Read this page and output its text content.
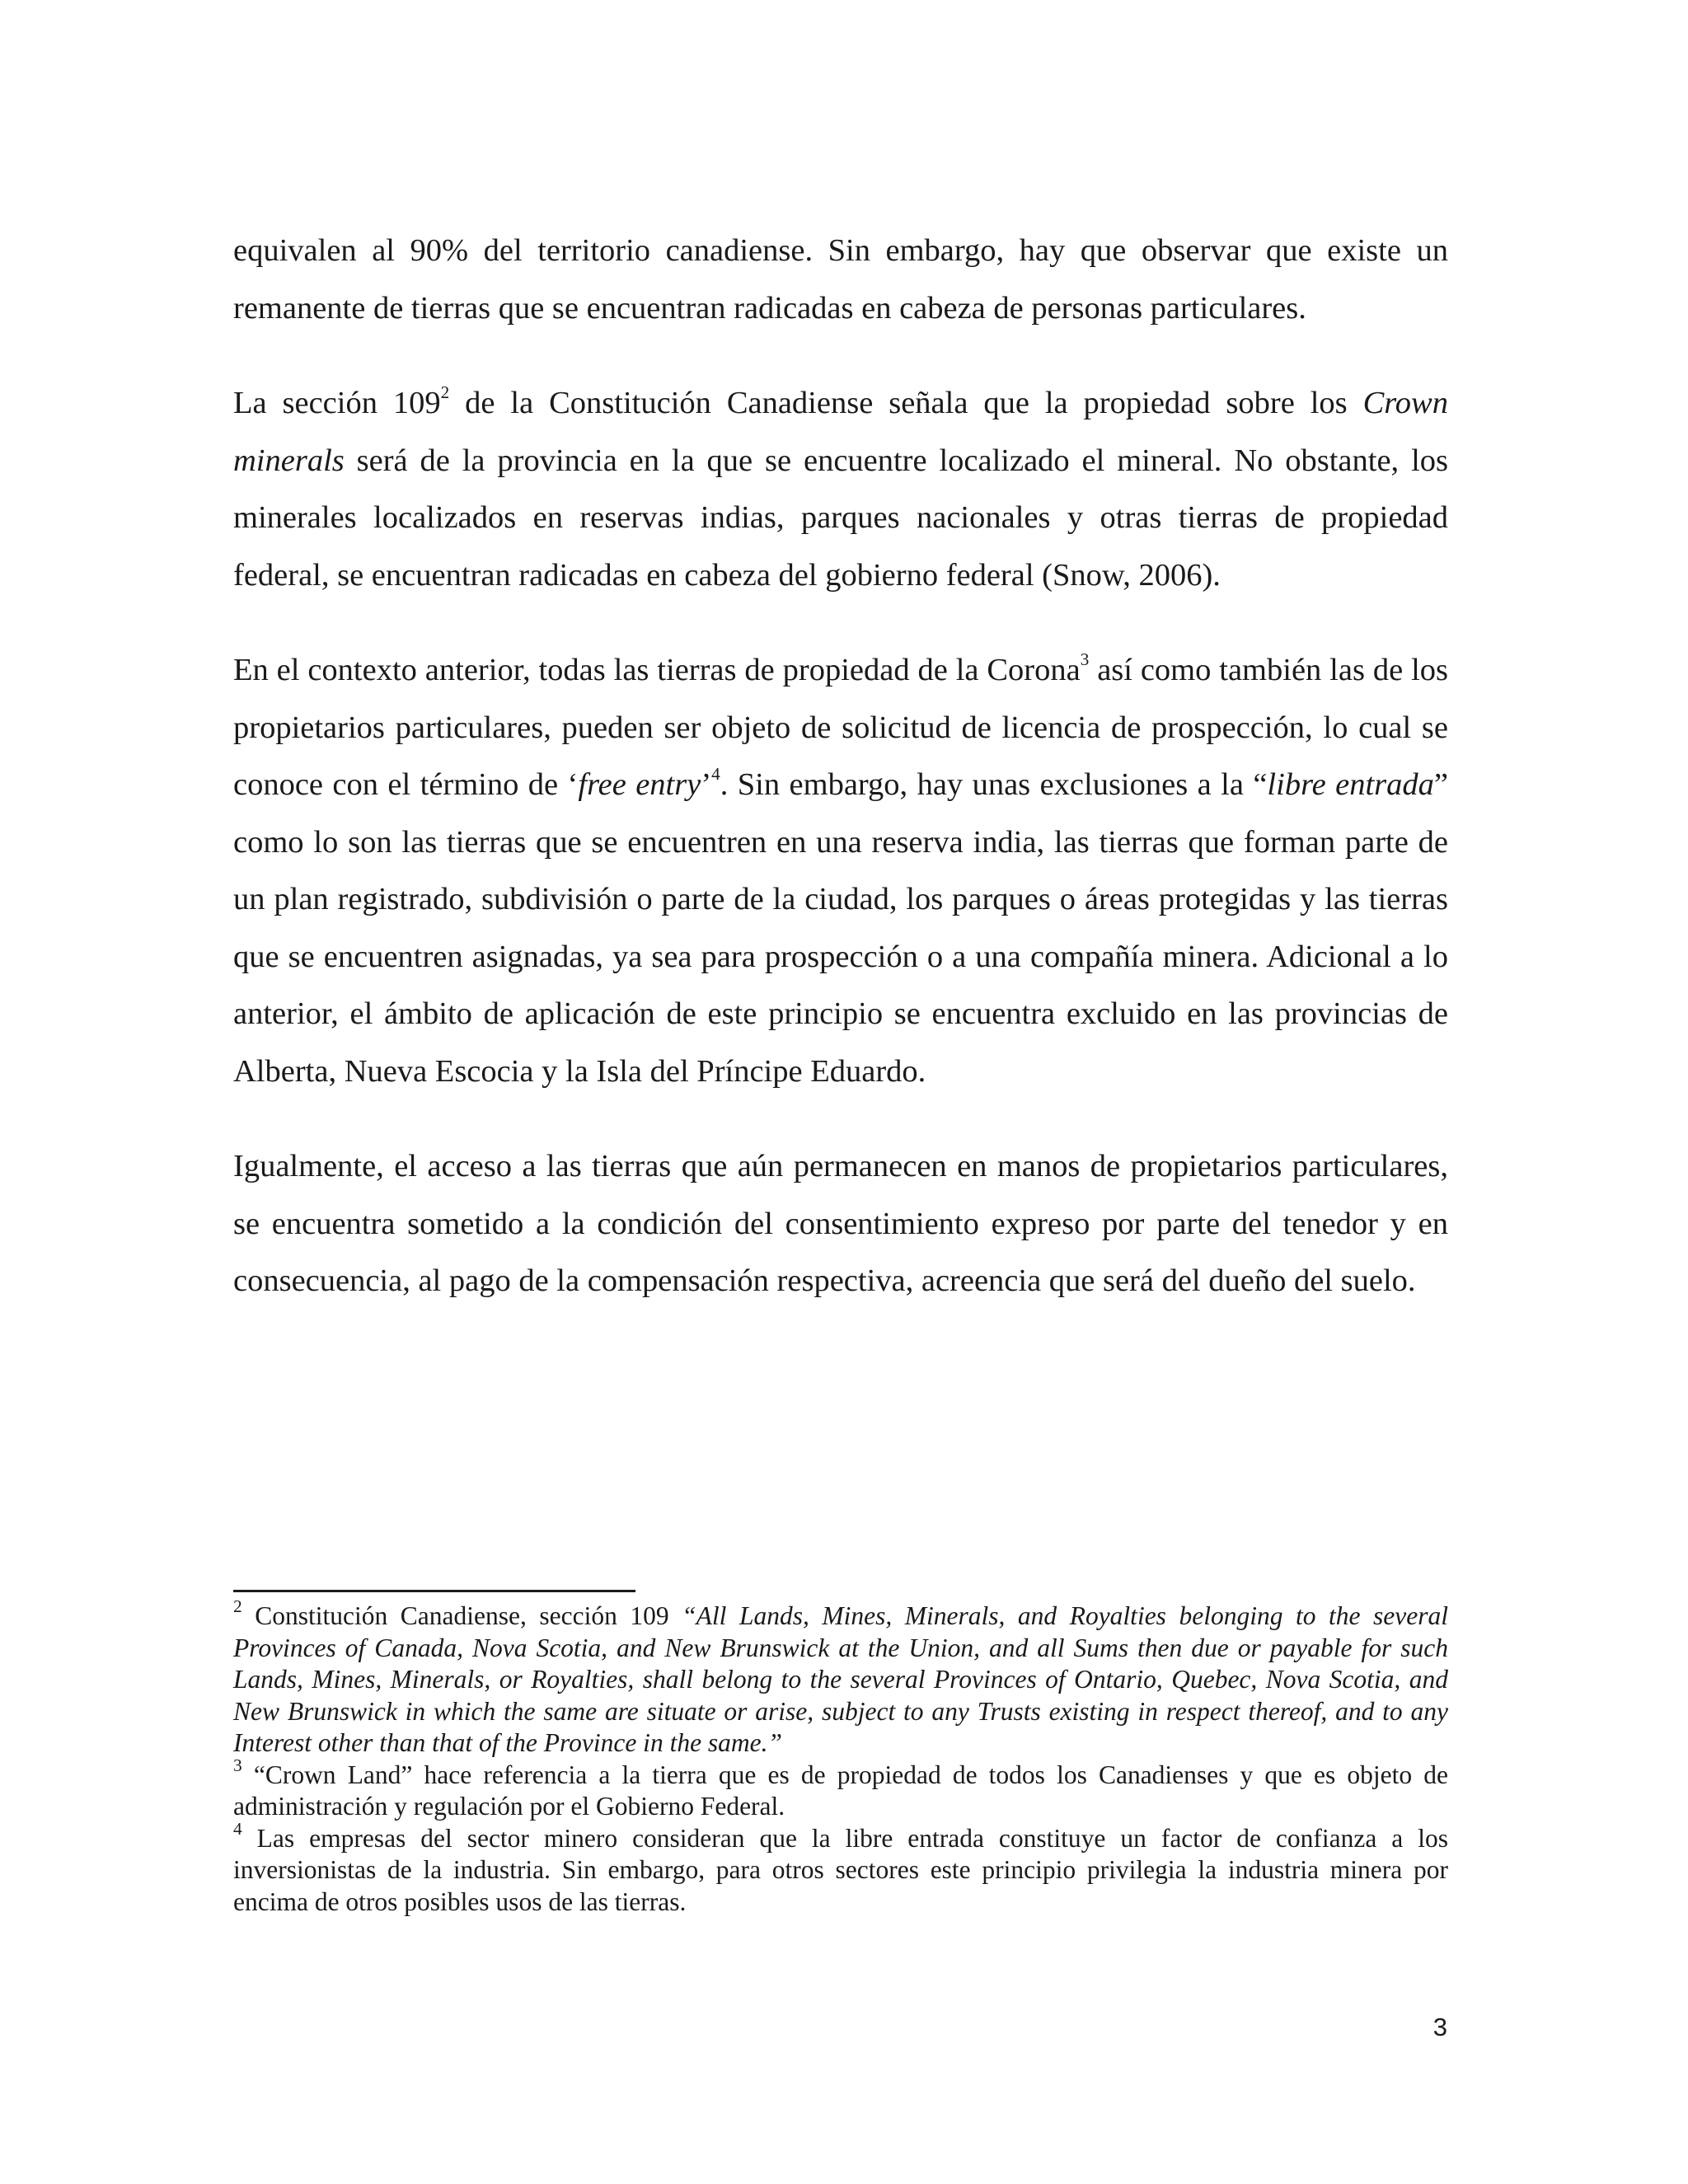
equivalen al 90% del territorio canadiense. Sin embargo, hay que observar que existe un remanente de tierras que se encuentran radicadas en cabeza de personas particulares.

La sección $109^2$ de la Constitución Canadiense señala que la propiedad sobre los Crown minerals será de la provincia en la que se encuentre localizado el mineral. No obstante, los minerales localizados en reservas indias, parques nacionales y otras tierras de propiedad federal, se encuentran radicadas en cabeza del gobierno federal (Snow, 2006).

En el contexto anterior, todas las tierras de propiedad de la Corona$^3$ así como también las de los propietarios particulares, pueden ser objeto de solicitud de licencia de prospección, lo cual se conoce con el término de ‘free entry’$^4$. Sin embargo, hay unas exclusiones a la “libre entrada” como lo son las tierras que se encuentren en una reserva india, las tierras que forman parte de un plan registrado, subdivisión o parte de la ciudad, los parques o áreas protegidas y las tierras que se encuentren asignadas, ya sea para prospección o a una compañía minera. Adicional a lo anterior, el ámbito de aplicación de este principio se encuentra excluido en las provincias de Alberta, Nueva Escocia y la Isla del Príncipe Eduardo.

Igualmente, el acceso a las tierras que aún permanecen en manos de propietarios particulares, se encuentra sometido a la condición del consentimiento expreso por parte del tenedor y en consecuencia, al pago de la compensación respectiva, acreencia que será del dueño del suelo.

$^2$ Constitución Canadiense, sección 109 “All Lands, Mines, Minerals, and Royalties belonging to the several Provinces of Canada, Nova Scotia, and New Brunswick at the Union, and all Sums then due or payable for such Lands, Mines, Minerals, or Royalties, shall belong to the several Provinces of Ontario, Quebec, Nova Scotia, and New Brunswick in which the same are situate or arise, subject to any Trusts existing in respect thereof, and to any Interest other than that of the Province in the same.”

$^3$ “Crown Land” hace referencia a la tierra que es de propiedad de todos los Canadienses y que es objeto de administración y regulación por el Gobierno Federal.

$^4$ Las empresas del sector minero consideran que la libre entrada constituye un factor de confianza a los inversionistas de la industria. Sin embargo, para otros sectores este principio privilegia la industria minera por encima de otros posibles usos de las tierras.

3
